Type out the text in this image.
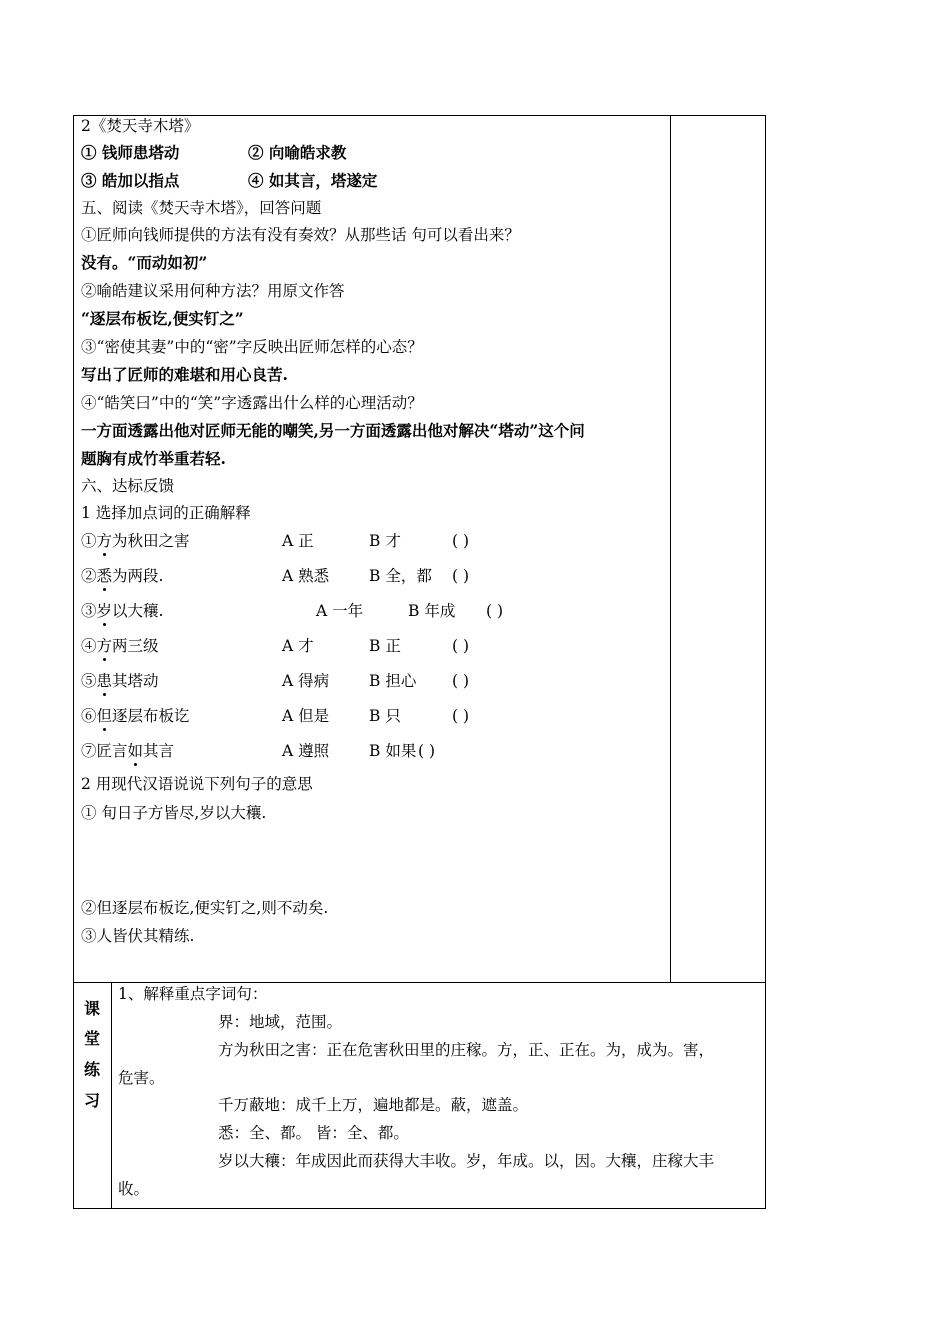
2《焚天寺木塔》
① 钱师患塔动	② 向喻皓求教
③ 皓加以指点	④ 如其言，塔遂定
五、阅读《焚天寺木塔》，回答问题
①匠师向钱师提供的方法有没有奏效？从那些话 句可以看出来？
没有。“而动如初”
②喻皓建议采用何种方法？用原文作答
“逐层布板讫,便实钉之”
③“密使其妻”中的“密”字反映出匠师怎样的心态？
写出了匠师的难堪和用心良苦.
④“皓笑曰”中的“笑”字透露出什么样的心理活动？
一方面透露出他对匠师无能的嘲笑,另一方面透露出他对解决“塔动”这个问
题胸有成竹举重若轻.
六、达标反馈
1 选择加点词的正确解释
①方为秋田之害	A 正	B 才	( )
②悉为两段.	A 熟悉	B 全，都 ( )
③岁以大穰.	A 一年	B 年成 ( )
④方两三级	A 才	B 正	( )
⑤患其塔动	A 得病	B 担心 ( )
⑥但逐层布板讫	A 但是	B 只	( )
⑦匠言如其言	A 遵照	B 如果 ( )
2 用现代汉语说说下列句子的意思
① 旬日子方皆尽,岁以大穰.
②但逐层布板讫,便实钉之,则不动矣.
③人皆伏其精练.
课
堂
练
习
1、解释重点字词句：
界：地域，范围。
方为秋田之害：正在危害秋田里的庄稼。方，正、正在。为，成为。害，
危害。
千万蔽地：成千上万，遍地都是。蔽，遮盖。
悉：全、都。 皆：全、都。
岁以大穰：年成因此而获得大丰收。岁，年成。以，因。大穰，庄稼大丰
收。
